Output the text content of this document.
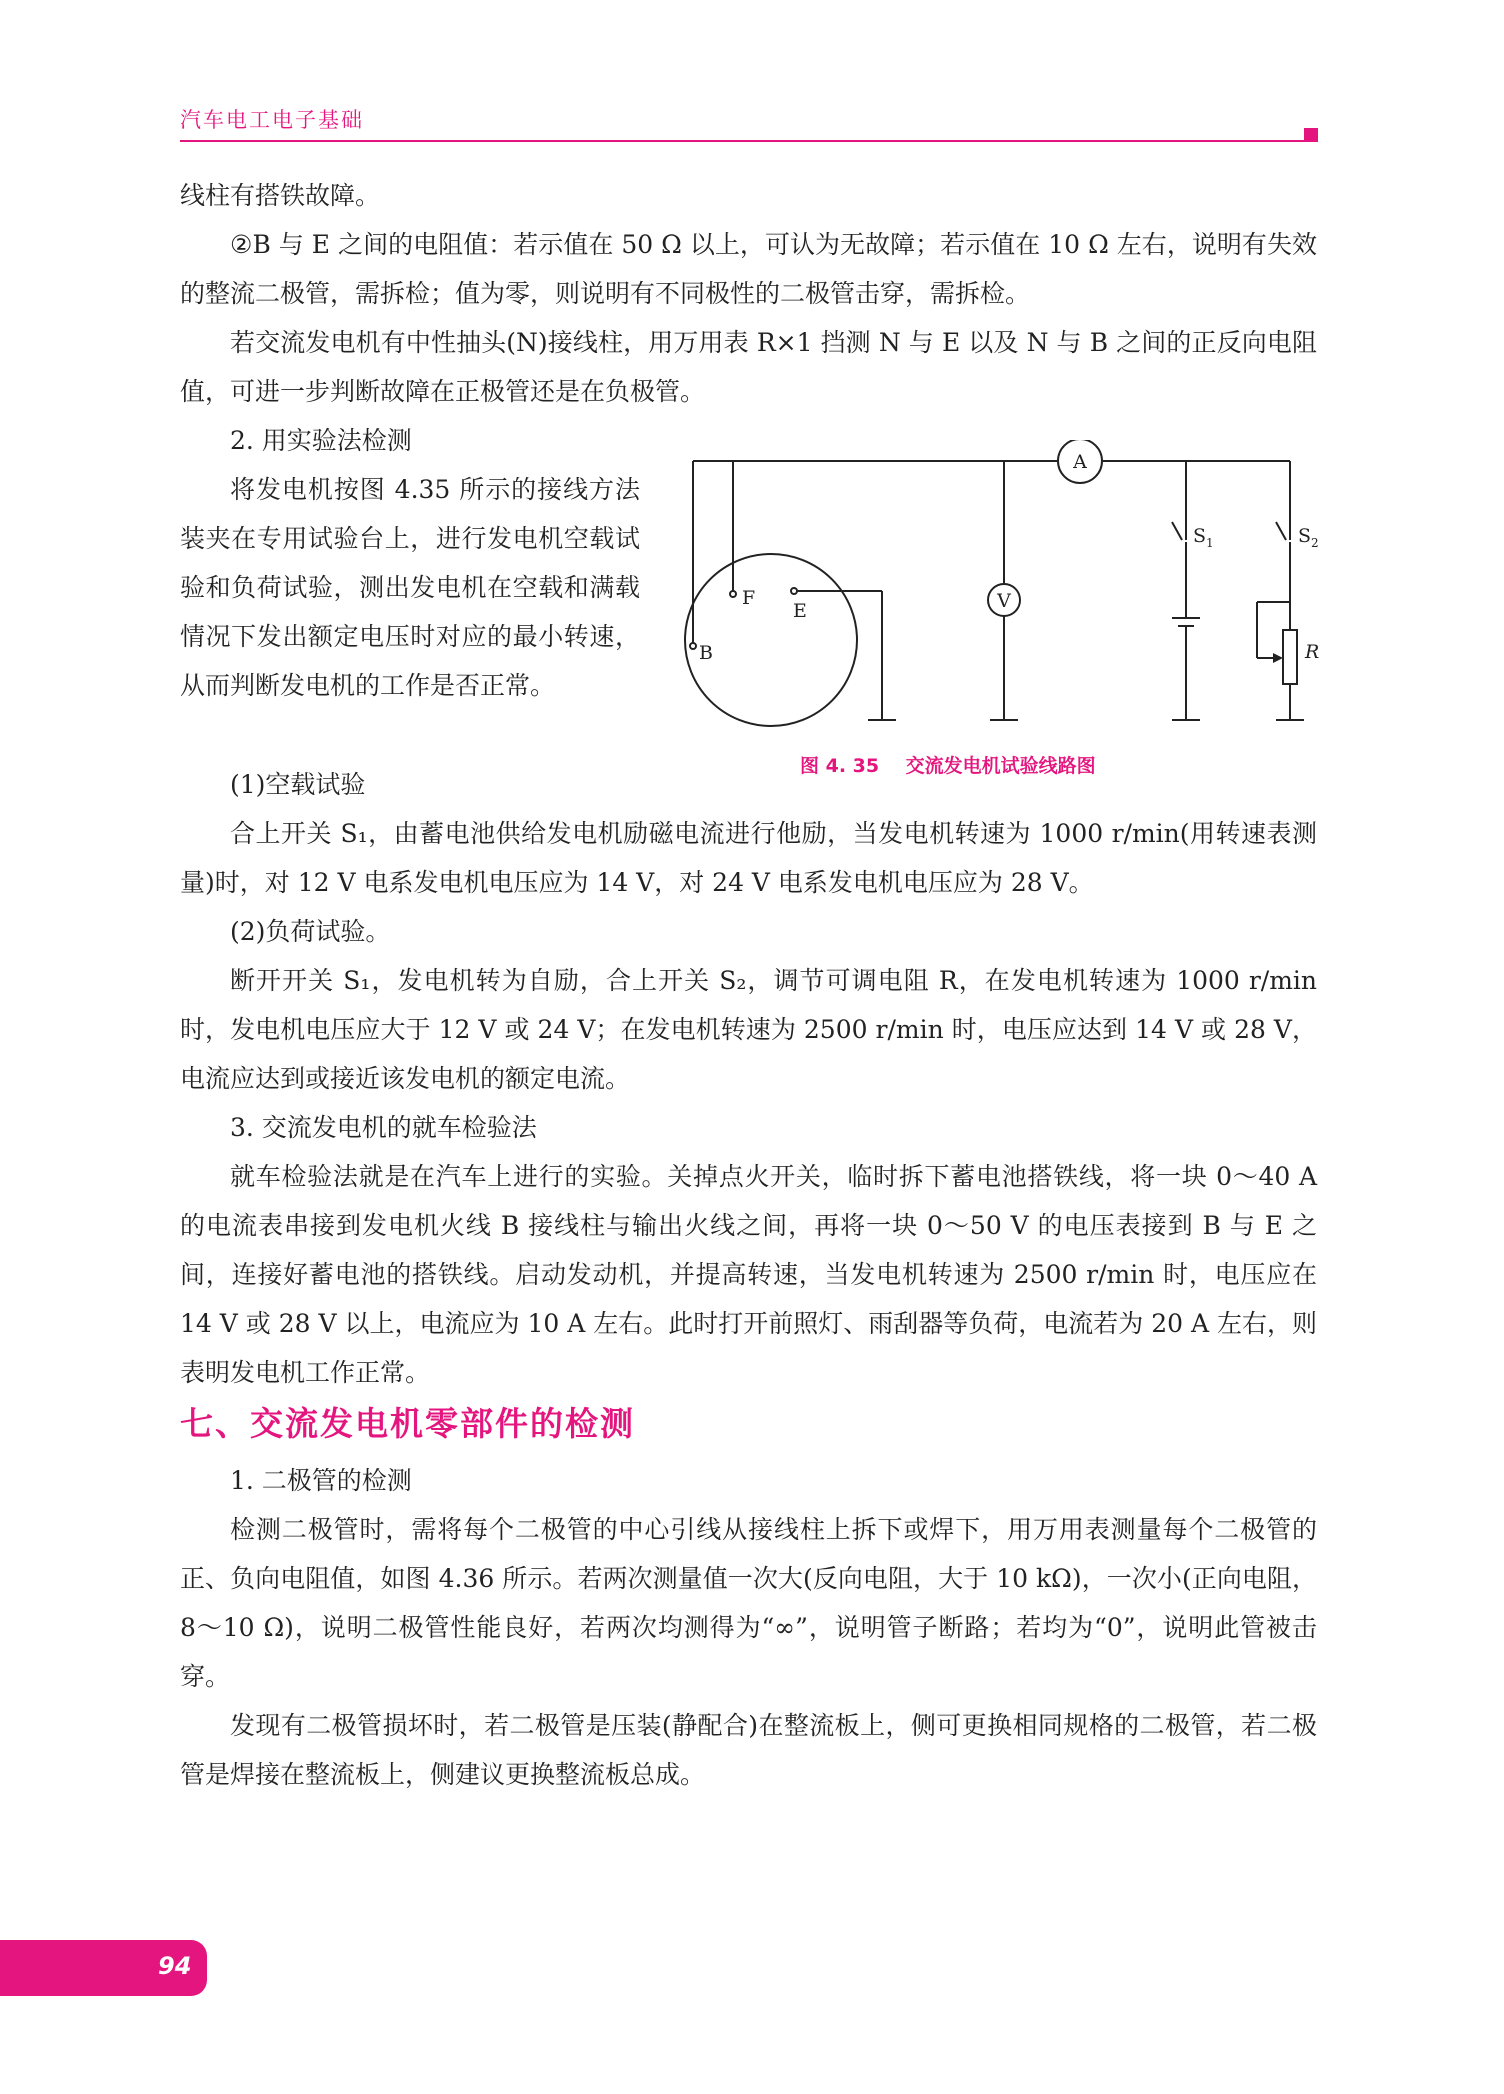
汽车电工电子基础

线柱有搭铁故障。

②B 与 E 之间的电阻值：若示值在 50 Ω 以上，可认为无故障；若示值在 10 Ω 左右，说明有失效的整流二极管，需拆检；值为零，则说明有不同极性的二极管击穿，需拆检。

若交流发电机有中性抽头(N)接线柱，用万用表 R×1 挡测 N 与 E 以及 N 与 B 之间的正反向电阻值，可进一步判断故障在正极管还是在负极管。

2. 用实验法检测

将发电机按图 4.35 所示的接线方法装夹在专用试验台上，进行发电机空载试验和负荷试验，测出发电机在空载和满载情况下发出额定电压时对应的最小转速，从而判断发电机的工作是否正常。

(1)空载试验

图 4. 35    交流发电机试验线路图
A
V
F
E
B
S 1	S 2
R

合上开关 S₁，由蓄电池供给发电机励磁电流进行他励，当发电机转速为 1000 r/min(用转速表测量)时，对 12 V 电系发电机电压应为 14 V，对 24 V 电系发电机电压应为 28 V。

(2)负荷试验。

断开开关 S₁，发电机转为自励，合上开关 S₂，调节可调电阻 R，在发电机转速为 1000 r/min时，发电机电压应大于 12 V 或 24 V；在发电机转速为 2500 r/min 时，电压应达到 14 V 或 28 V，电流应达到或接近该发电机的额定电流。

3. 交流发电机的就车检验法

就车检验法就是在汽车上进行的实验。关掉点火开关，临时拆下蓄电池搭铁线，将一块 0～40 A 的电流表串接到发电机火线 B 接线柱与输出火线之间，再将一块 0～50 V 的电压表接到 B 与 E 之间，连接好蓄电池的搭铁线。启动发动机，并提高转速，当发电机转速为 2500 r/min 时，电压应在 14 V 或 28 V 以上，电流应为 10 A 左右。此时打开前照灯、雨刮器等负荷，电流若为 20 A 左右，则表明发电机工作正常。

七、交流发电机零部件的检测

1. 二极管的检测

检测二极管时，需将每个二极管的中心引线从接线柱上拆下或焊下，用万用表测量每个二极管的正、负向电阻值，如图 4.36 所示。若两次测量值一次大(反向电阻，大于 10 kΩ)，一次小(正向电阻，8～10 Ω)，说明二极管性能良好，若两次均测得为“∞”，说明管子断路；若均为“0”，说明此管被击穿。

发现有二极管损坏时，若二极管是压装(静配合)在整流板上，侧可更换相同规格的二极管，若二极管是焊接在整流板上，侧建议更换整流板总成。

94
